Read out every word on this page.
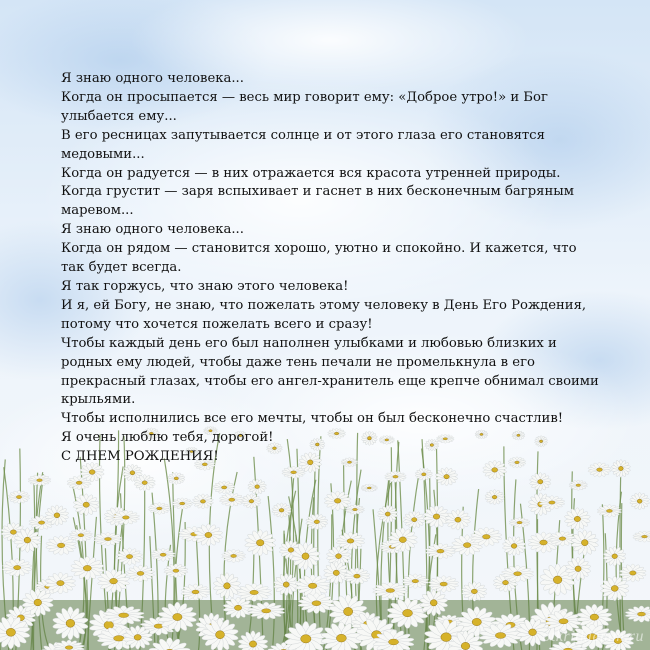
Я знаю одного человека...
Когда он просыпается — весь мир говорит ему: «Доброе утро!» и Бог
улыбается ему...
В его ресницах запутывается солнце и от этого глаза его становятся
медовыми...
Когда он радуется — в них отражается вся красота утренней природы.
Когда грустит — заря вспыхивает и гаснет в них бесконечным багряным
маревом...
Я знаю одного человека...
Когда он рядом — становится хорошо, уютно и спокойно. И кажется, что
так будет всегда.
Я так горжусь, что знаю этого человека!
И я, ей Богу, не знаю, что пожелать этому человеку в День Его Рождения,
потому что хочется пожелать всего и сразу!
Чтобы каждый день его был наполнен улыбками и любовью близких и
родных ему людей, чтобы даже тень печали не промелькнула в его
прекрасный глазах, чтобы его ангел-хранитель еще крепче обнимал своими
крыльями.
Чтобы исполнились все его мечты, чтобы он был бесконечно счастлив!
Я очень люблю тебя, дорогой!
С ДНЕМ РОЖДЕНИЯ!
otkritkiemm.ru
